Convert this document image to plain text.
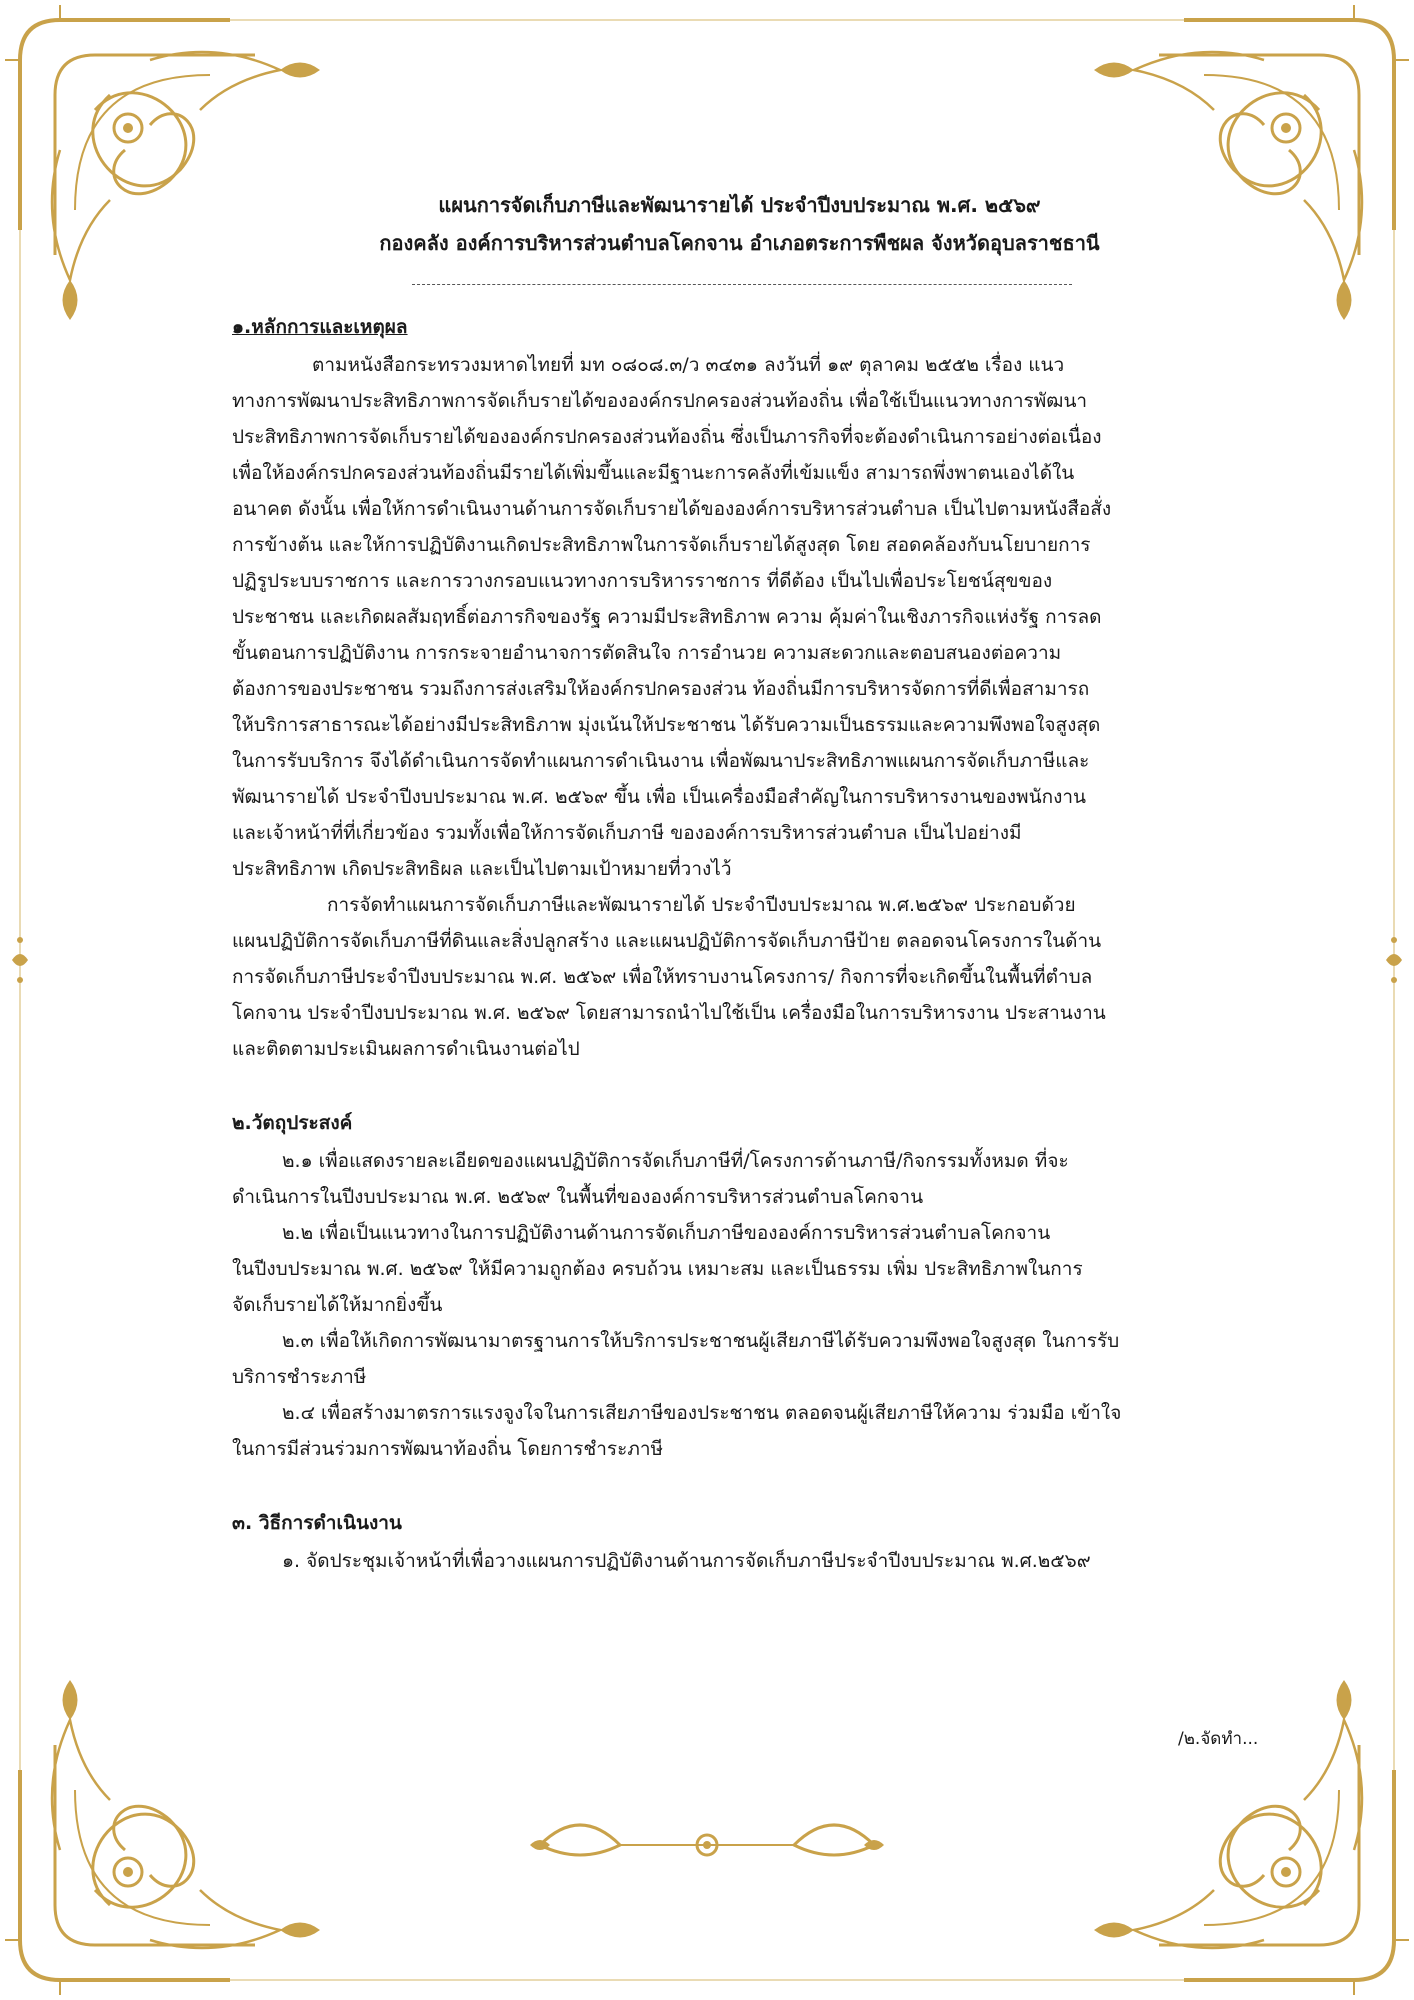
แผนการจัดเก็บภาษีและพัฒนารายได้ ประจำปีงบประมาณ พ.ศ. ๒๕๖๙
กองคลัง องค์การบริหารส่วนตำบลโคกจาน อำเภอตระการพืชผล จังหวัดอุบลราชธานี
๑.หลักการและเหตุผล
ตามหนังสือกระทรวงมหาดไทยที่ มท ๐๘๐๘.๓/ว ๓๔๓๑ ลงวันที่ ๑๙ ตุลาคม ๒๕๕๒ เรื่อง แนว
ทางการพัฒนาประสิทธิภาพการจัดเก็บรายได้ขององค์กรปกครองส่วนท้องถิ่น เพื่อใช้เป็นแนวทางการพัฒนา
ประสิทธิภาพการจัดเก็บรายได้ขององค์กรปกครองส่วนท้องถิ่น ซึ่งเป็นภารกิจที่จะต้องดำเนินการอย่างต่อเนื่อง
เพื่อให้องค์กรปกครองส่วนท้องถิ่นมีรายได้เพิ่มขึ้นและมีฐานะการคลังที่เข้มแข็ง สามารถพึ่งพาตนเองได้ใน
อนาคต ดังนั้น เพื่อให้การดำเนินงานด้านการจัดเก็บรายได้ขององค์การบริหารส่วนตำบล เป็นไปตามหนังสือสั่ง
การข้างต้น และให้การปฏิบัติงานเกิดประสิทธิภาพในการจัดเก็บรายได้สูงสุด โดย สอดคล้องกับนโยบายการ
ปฏิรูประบบราชการ และการวางกรอบแนวทางการบริหารราชการ ที่ดีต้อง เป็นไปเพื่อประโยชน์สุขของ
ประชาชน และเกิดผลสัมฤทธิ์ต่อภารกิจของรัฐ ความมีประสิทธิภาพ ความ คุ้มค่าในเชิงภารกิจแห่งรัฐ การลด
ขั้นตอนการปฏิบัติงาน การกระจายอำนาจการตัดสินใจ การอำนวย ความสะดวกและตอบสนองต่อความ
ต้องการของประชาชน รวมถึงการส่งเสริมให้องค์กรปกครองส่วน ท้องถิ่นมีการบริหารจัดการที่ดีเพื่อสามารถ
ให้บริการสาธารณะได้อย่างมีประสิทธิภาพ มุ่งเน้นให้ประชาชน ได้รับความเป็นธรรมและความพึงพอใจสูงสุด
ในการรับบริการ จึงได้ดำเนินการจัดทำแผนการดำเนินงาน เพื่อพัฒนาประสิทธิภาพแผนการจัดเก็บภาษีและ
พัฒนารายได้ ประจำปีงบประมาณ พ.ศ. ๒๕๖๙ ขึ้น เพื่อ เป็นเครื่องมือสำคัญในการบริหารงานของพนักงาน
และเจ้าหน้าที่ที่เกี่ยวข้อง รวมทั้งเพื่อให้การจัดเก็บภาษี ขององค์การบริหารส่วนตำบล เป็นไปอย่างมี
ประสิทธิภาพ เกิดประสิทธิผล และเป็นไปตามเป้าหมายที่วางไว้
การจัดทำแผนการจัดเก็บภาษีและพัฒนารายได้ ประจำปีงบประมาณ พ.ศ.๒๕๖๙ ประกอบด้วย
แผนปฏิบัติการจัดเก็บภาษีที่ดินและสิ่งปลูกสร้าง และแผนปฏิบัติการจัดเก็บภาษีป้าย ตลอดจนโครงการในด้าน
การจัดเก็บภาษีประจำปีงบประมาณ พ.ศ. ๒๕๖๙ เพื่อให้ทราบงานโครงการ/ กิจการที่จะเกิดขึ้นในพื้นที่ตำบล
โคกจาน ประจำปีงบประมาณ พ.ศ. ๒๕๖๙ โดยสามารถนำไปใช้เป็น เครื่องมือในการบริหารงาน ประสานงาน
และติดตามประเมินผลการดำเนินงานต่อไป
๒.วัตถุประสงค์
๒.๑ เพื่อแสดงรายละเอียดของแผนปฏิบัติการจัดเก็บภาษีที่/โครงการด้านภาษี/กิจกรรมทั้งหมด ที่จะ
ดำเนินการในปีงบประมาณ พ.ศ. ๒๕๖๙ ในพื้นที่ขององค์การบริหารส่วนตำบลโคกจาน
๒.๒ เพื่อเป็นแนวทางในการปฏิบัติงานด้านการจัดเก็บภาษีขององค์การบริหารส่วนตำบลโคกจาน
ในปีงบประมาณ พ.ศ. ๒๕๖๙ ให้มีความถูกต้อง ครบถ้วน เหมาะสม และเป็นธรรม เพิ่ม ประสิทธิภาพในการ
จัดเก็บรายได้ให้มากยิ่งขึ้น
๒.๓ เพื่อให้เกิดการพัฒนามาตรฐานการให้บริการประชาชนผู้เสียภาษีได้รับความพึงพอใจสูงสุด ในการรับ
บริการชำระภาษี
๒.๔ เพื่อสร้างมาตรการแรงจูงใจในการเสียภาษีของประชาชน ตลอดจนผู้เสียภาษีให้ความ ร่วมมือ เข้าใจ
ในการมีส่วนร่วมการพัฒนาท้องถิ่น โดยการชำระภาษี
๓. วิธีการดำเนินงาน
๑. จัดประชุมเจ้าหน้าที่เพื่อวางแผนการปฏิบัติงานด้านการจัดเก็บภาษีประจำปีงบประมาณ พ.ศ.๒๕๖๙
/๒.จัดทำ...
